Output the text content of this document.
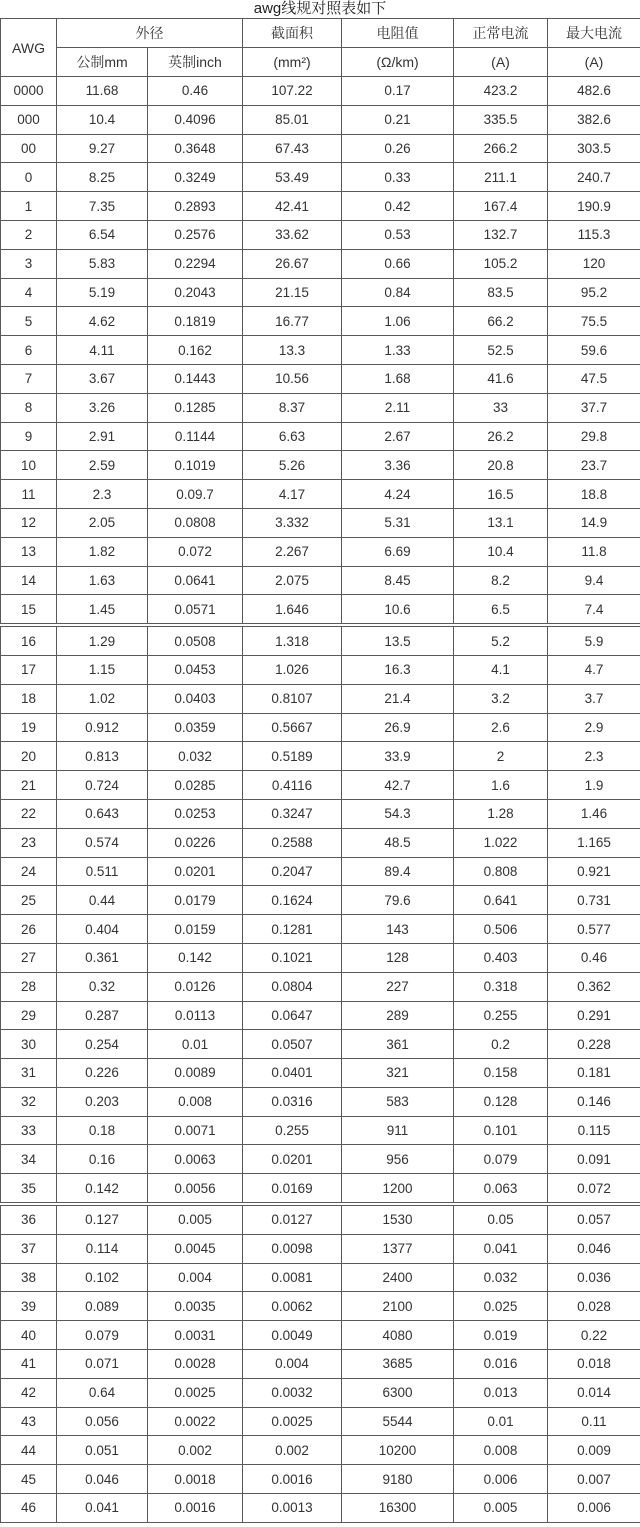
awg线规对照表如下
AWG	外径		截面积	电阻值	正常电流	最大电流
	公制mm	英制inch	(mm²)	(Ω/km)	(A)	(A)
0000	11.68	0.46	107.22	0.17	423.2	482.6
000	10.4	0.4096	85.01	0.21	335.5	382.6
00	9.27	0.3648	67.43	0.26	266.2	303.5
0	8.25	0.3249	53.49	0.33	211.1	240.7
1	7.35	0.2893	42.41	0.42	167.4	190.9
2	6.54	0.2576	33.62	0.53	132.7	115.3
3	5.83	0.2294	26.67	0.66	105.2	120
4	5.19	0.2043	21.15	0.84	83.5	95.2
5	4.62	0.1819	16.77	1.06	66.2	75.5
6	4.11	0.162	13.3	1.33	52.5	59.6
7	3.67	0.1443	10.56	1.68	41.6	47.5
8	3.26	0.1285	8.37	2.11	33	37.7
9	2.91	0.1144	6.63	2.67	26.2	29.8
10	2.59	0.1019	5.26	3.36	20.8	23.7
11	2.3	0.09.7	4.17	4.24	16.5	18.8
12	2.05	0.0808	3.332	5.31	13.1	14.9
13	1.82	0.072	2.267	6.69	10.4	11.8
14	1.63	0.0641	2.075	8.45	8.2	9.4
15	1.45	0.0571	1.646	10.6	6.5	7.4
16	1.29	0.0508	1.318	13.5	5.2	5.9
17	1.15	0.0453	1.026	16.3	4.1	4.7
18	1.02	0.0403	0.8107	21.4	3.2	3.7
19	0.912	0.0359	0.5667	26.9	2.6	2.9
20	0.813	0.032	0.5189	33.9	2	2.3
21	0.724	0.0285	0.4116	42.7	1.6	1.9
22	0.643	0.0253	0.3247	54.3	1.28	1.46
23	0.574	0.0226	0.2588	48.5	1.022	1.165
24	0.511	0.0201	0.2047	89.4	0.808	0.921
25	0.44	0.0179	0.1624	79.6	0.641	0.731
26	0.404	0.0159	0.1281	143	0.506	0.577
27	0.361	0.142	0.1021	128	0.403	0.46
28	0.32	0.0126	0.0804	227	0.318	0.362
29	0.287	0.0113	0.0647	289	0.255	0.291
30	0.254	0.01	0.0507	361	0.2	0.228
31	0.226	0.0089	0.0401	321	0.158	0.181
32	0.203	0.008	0.0316	583	0.128	0.146
33	0.18	0.0071	0.255	911	0.101	0.115
34	0.16	0.0063	0.0201	956	0.079	0.091
35	0.142	0.0056	0.0169	1200	0.063	0.072
36	0.127	0.005	0.0127	1530	0.05	0.057
37	0.114	0.0045	0.0098	1377	0.041	0.046
38	0.102	0.004	0.0081	2400	0.032	0.036
39	0.089	0.0035	0.0062	2100	0.025	0.028
40	0.079	0.0031	0.0049	4080	0.019	0.22
41	0.071	0.0028	0.004	3685	0.016	0.018
42	0.64	0.0025	0.0032	6300	0.013	0.014
43	0.056	0.0022	0.0025	5544	0.01	0.11
44	0.051	0.002	0.002	10200	0.008	0.009
45	0.046	0.0018	0.0016	9180	0.006	0.007
46	0.041	0.0016	0.0013	16300	0.005	0.006
